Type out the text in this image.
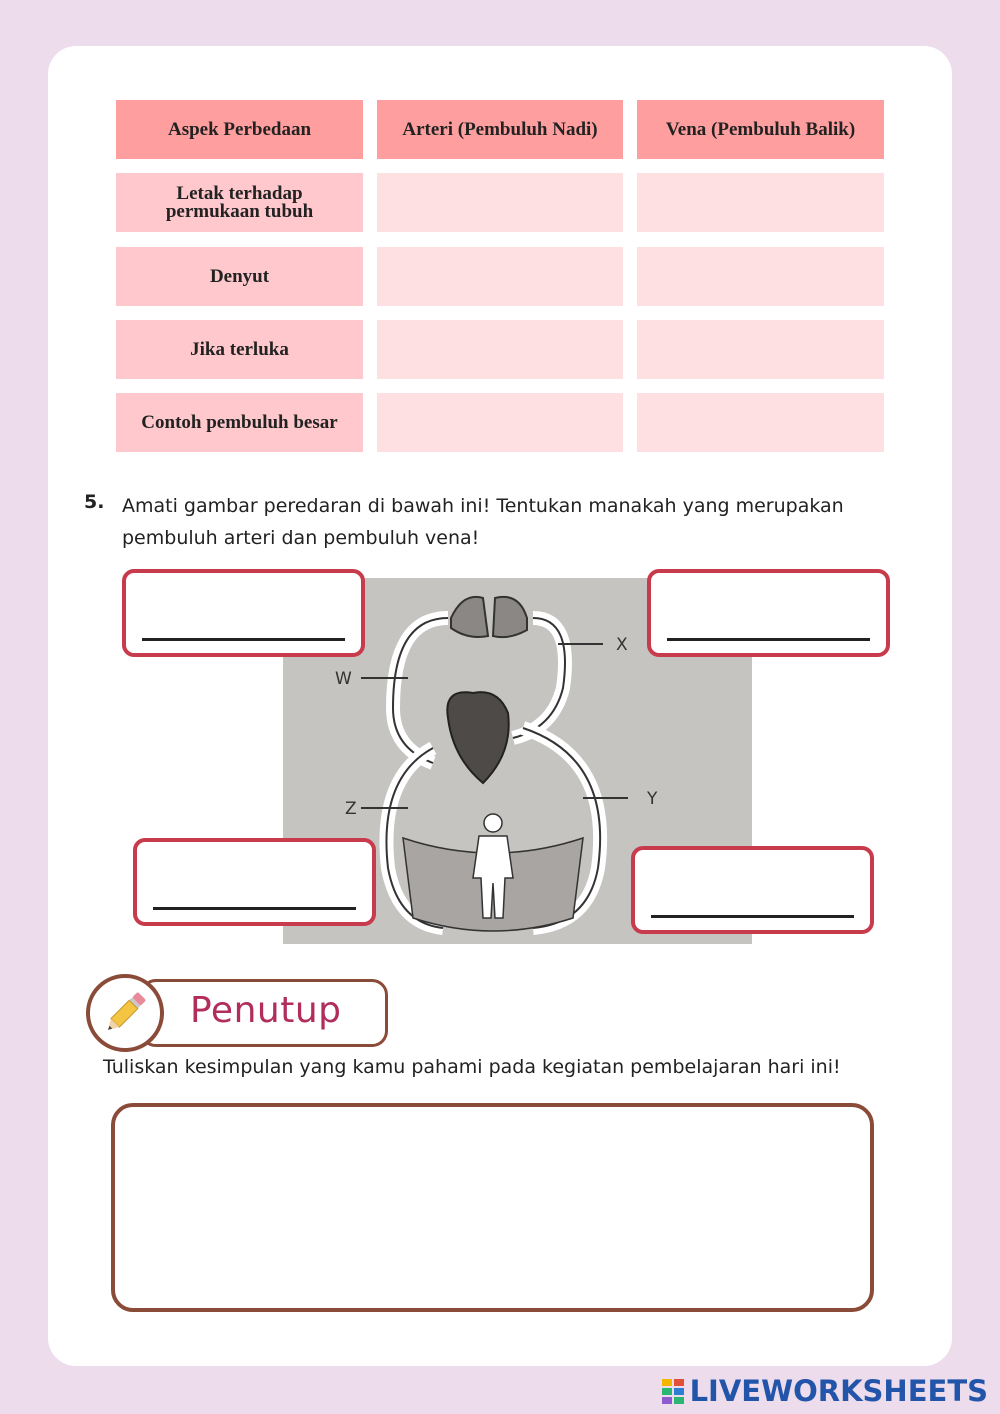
Aspek Perbedaan	Arteri (Pembuluh Nadi)	Vena (Pembuluh Balik)
Letak terhadap
permukaan tubuh
Denyut
Jika terluka
Contoh pembuluh besar
5. Amati gambar peredaran di bawah ini! Tentukan manakah yang merupakan pembuluh arteri dan pembuluh vena!
W
X
Z	Y
Penutup
Tuliskan kesimpulan yang kamu pahami pada kegiatan pembelajaran hari ini!
LIVEWORKSHEETS
